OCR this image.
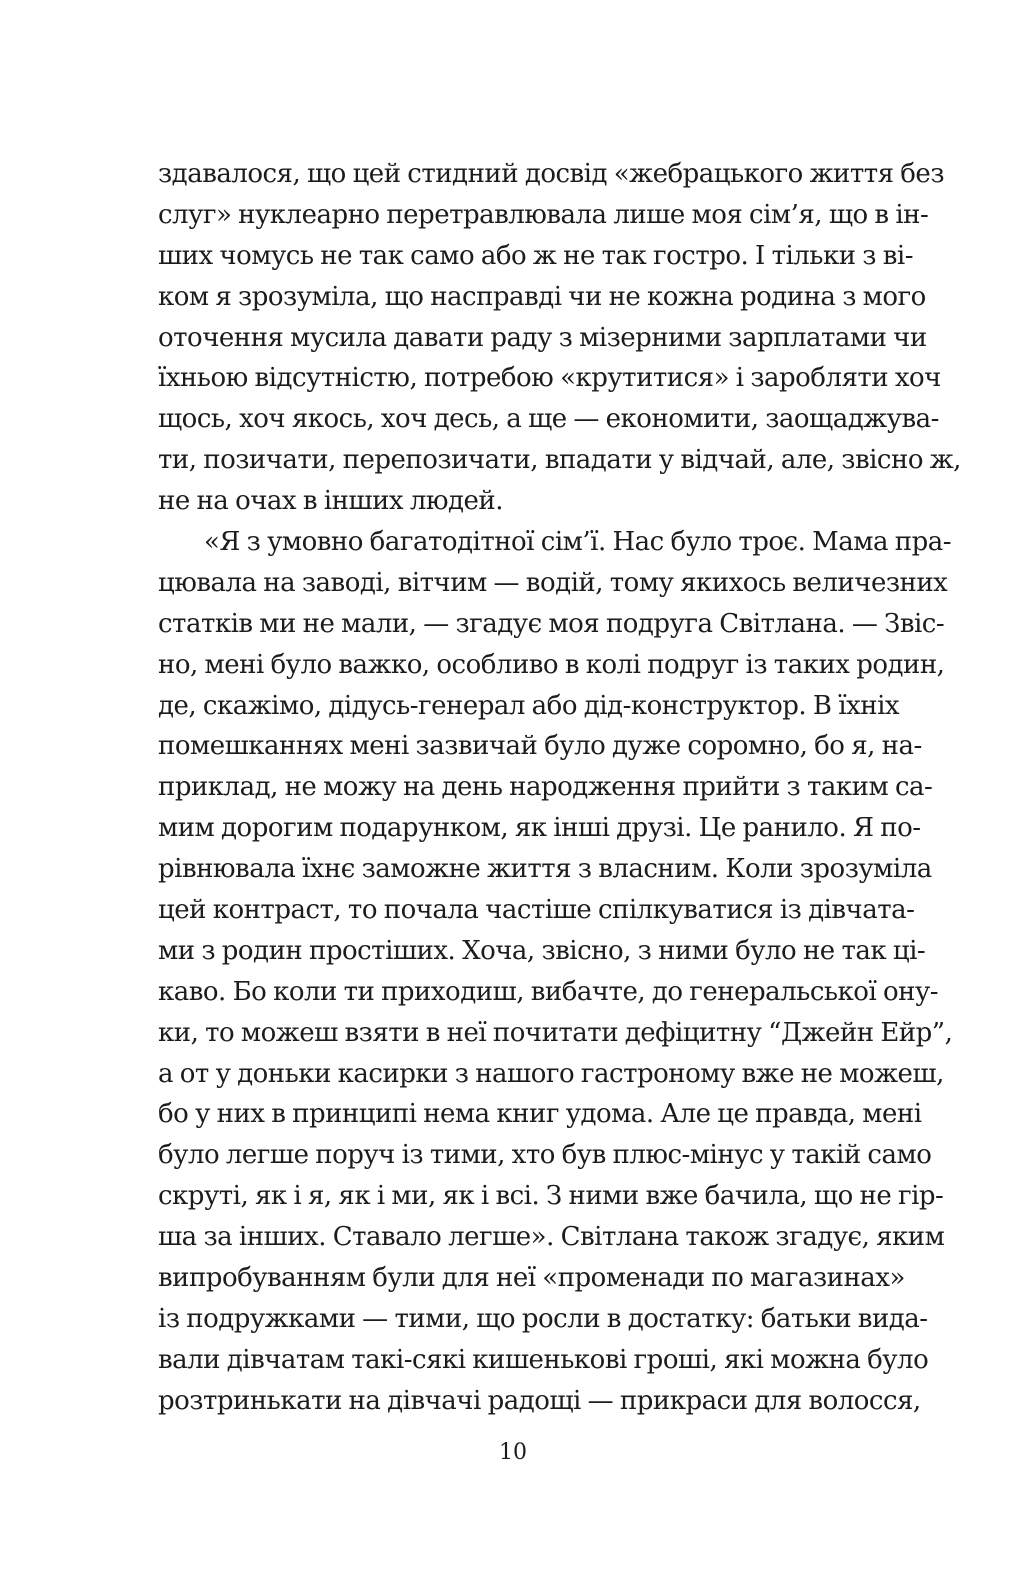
здавалося, що цей стидний досвід «жебрацького життя без
слуг» нуклеарно перетравлювала лише моя сім’я, що в ін-
ших чомусь не так само або ж не так гостро. І тільки з ві-
ком я зрозуміла, що насправді чи не кожна родина з мого
оточення мусила давати раду з мізерними зарплатами чи
їхньою відсутністю, потребою «крутитися» і заробляти хоч
щось, хоч якось, хоч десь, а ще — економити, заощаджува-
ти, позичати, перепозичати, впадати у відчай, але, звісно ж,
не на очах в інших людей.
«Я з умовно багатодітної сім’ї. Нас було троє. Мама пра-
цювала на заводі, вітчим — водій, тому якихось величезних
статків ми не мали, — згадує моя подруга Світлана. — Звіс-
но, мені було важко, особливо в колі подруг із таких родин,
де, скажімо, дідусь-генерал або дід-конструктор. В їхніх
помешканнях мені зазвичай було дуже соромно, бо я, на-
приклад, не можу на день народження прийти з таким са-
мим дорогим подарунком, як інші друзі. Це ранило. Я по-
рівнювала їхнє заможне життя з власним. Коли зрозуміла
цей контраст, то почала частіше спілкуватися із дівчата-
ми з родин простіших. Хоча, звісно, з ними було не так ці-
каво. Бо коли ти приходиш, вибачте, до генеральської ону-
ки, то можеш взяти в неї почитати дефіцитну “Джейн Ейр”,
а от у доньки касирки з нашого гастроному вже не можеш,
бо у них в принципі нема книг удома. Але це правда, мені
було легше поруч із тими, хто був плюс-мінус у такій само
скруті, як і я, як і ми, як і всі. З ними вже бачила, що не гір-
ша за інших. Ставало легше». Світлана також згадує, яким
випробуванням були для неї «променади по магазинах»
із подружками — тими, що росли в достатку: батьки вида-
вали дівчатам такі-сякі кишенькові гроші, які можна було
розтринькати на дівчачі радощі — прикраси для волосся,
10
